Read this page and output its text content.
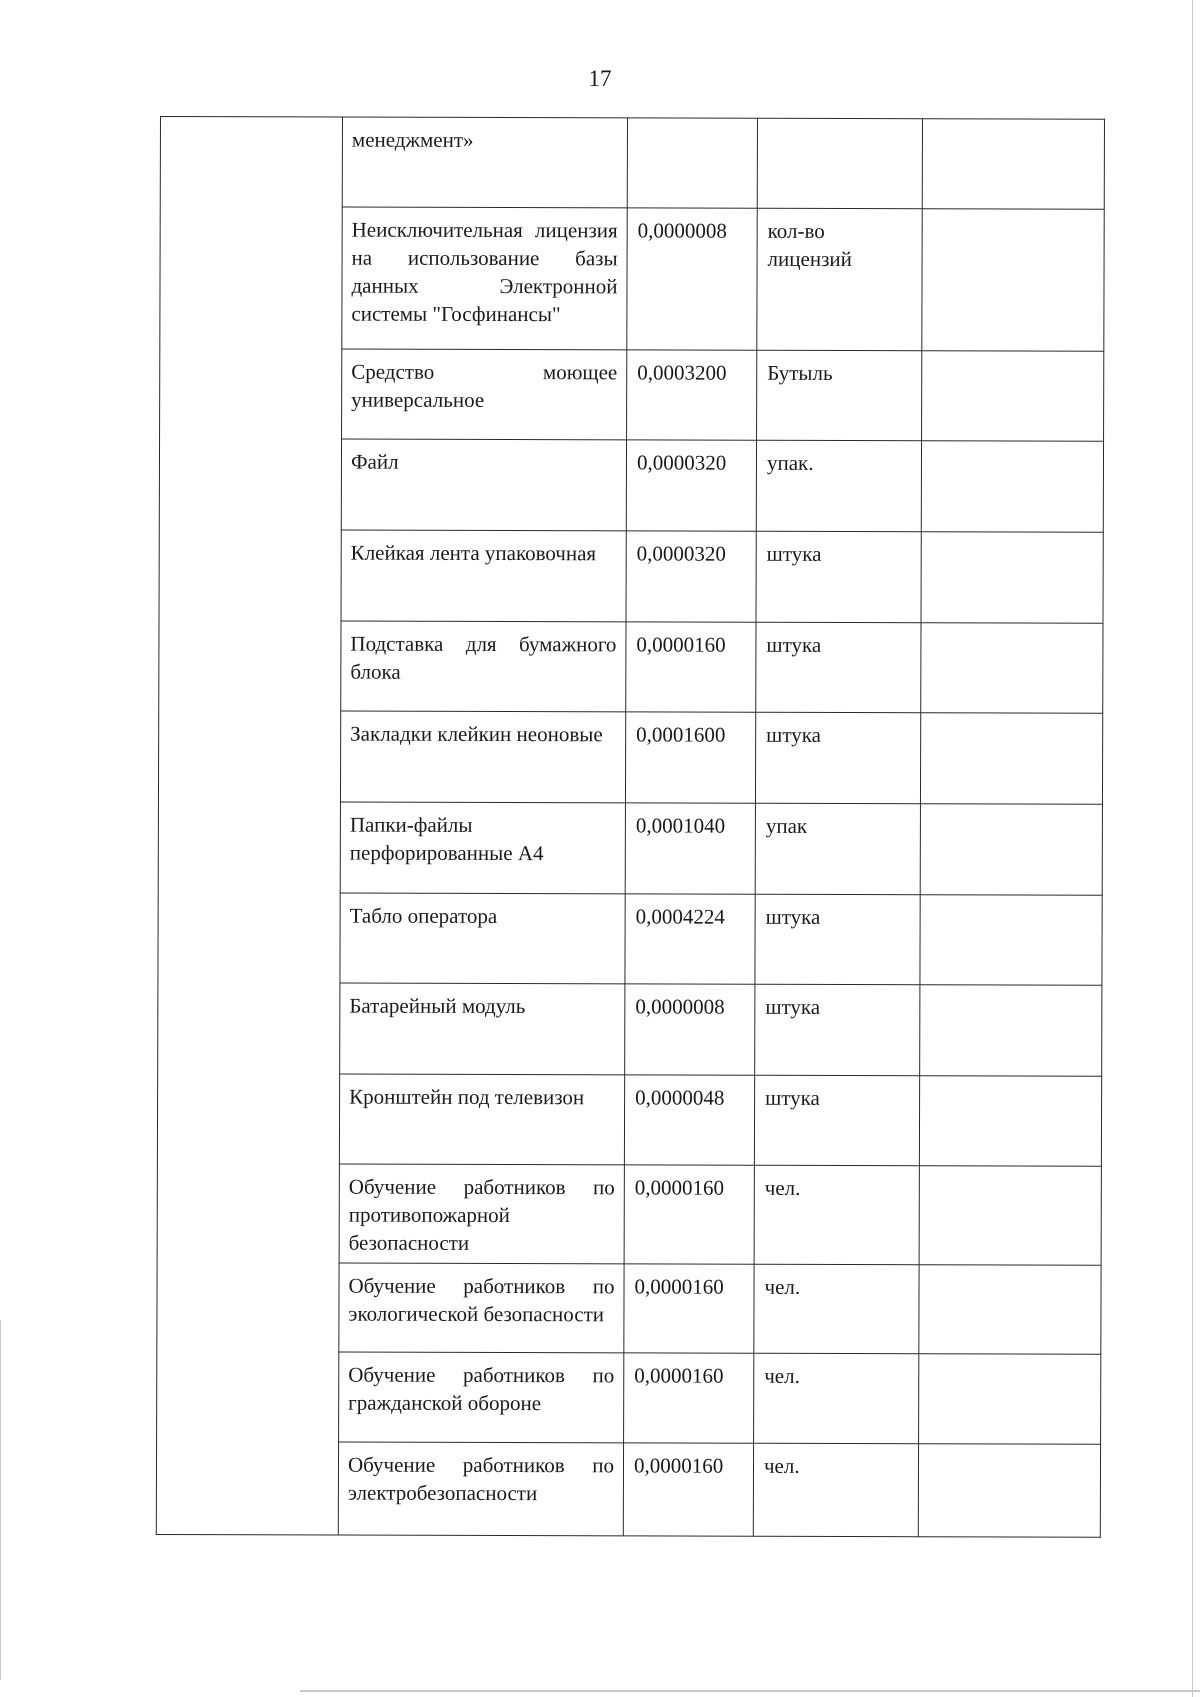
17
	менеджмент»			
	Неисключительная лицензия на использование базы данных Электронной системы "Госфинансы"	0,0000008	кол-во лицензий	
	Средство моющее универсальное	0,0003200	Бутыль	
	Файл	0,0000320	упак.	
	Клейкая лента упаковочная	0,0000320	штука	
	Подставка для бумажного блока	0,0000160	штука	
	Закладки клейкин неоновые	0,0001600	штука	
	Папки-файлы перфорированные А4	0,0001040	упак	
	Табло оператора	0,0004224	штука	
	Батарейный модуль	0,0000008	штука	
	Кронштейн под телевизон	0,0000048	штука	
	Обучение работников по противопожарной безопасности	0,0000160	чел.	
	Обучение работников по экологической безопасности	0,0000160	чел.	
	Обучение работников по гражданской обороне	0,0000160	чел.	
	Обучение работников по электробезопасности	0,0000160	чел.	
